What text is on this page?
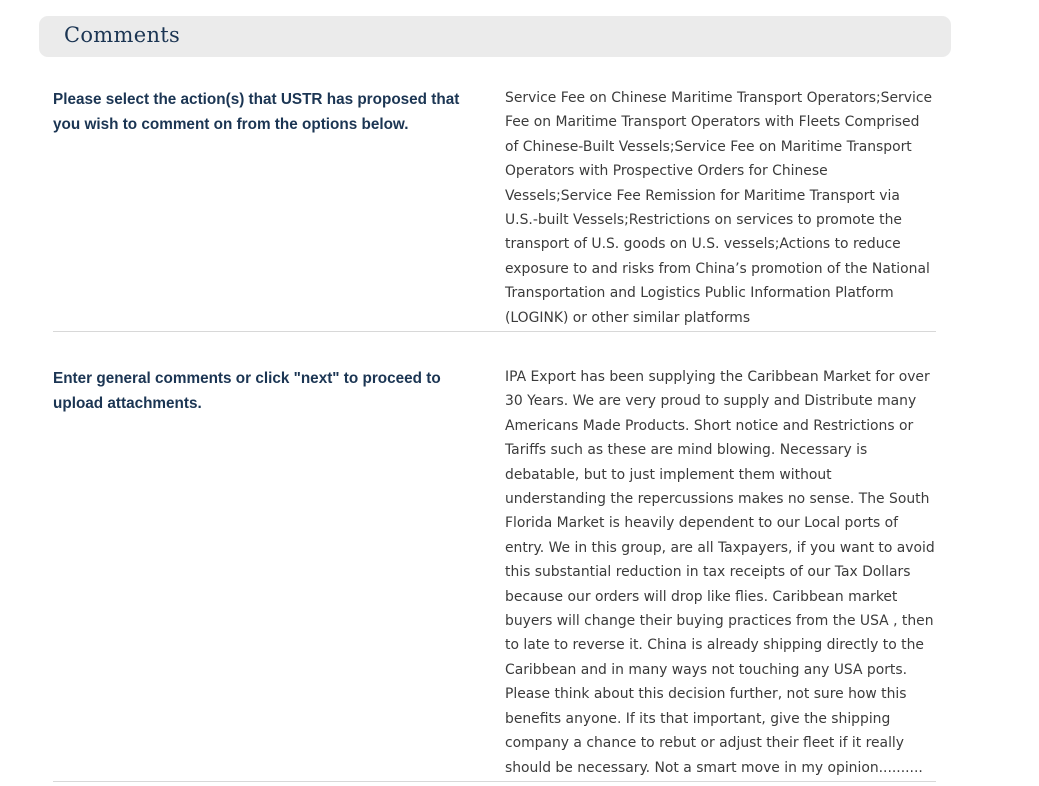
Comments
Please select the action(s) that USTR has proposed that you wish to comment on from the options below.
Service Fee on Chinese Maritime Transport Operators;Service Fee on Maritime Transport Operators with Fleets Comprised of Chinese-Built Vessels;Service Fee on Maritime Transport Operators with Prospective Orders for Chinese Vessels;Service Fee Remission for Maritime Transport via U.S.-built Vessels;Restrictions on services to promote the transport of U.S. goods on U.S. vessels;Actions to reduce exposure to and risks from China’s promotion of the National Transportation and Logistics Public Information Platform (LOGINK) or other similar platforms
Enter general comments or click "next" to proceed to upload attachments.
IPA Export has been supplying the Caribbean Market for over 30 Years. We are very proud to supply and Distribute many Americans Made Products. Short notice and Restrictions or Tariffs such as these are mind blowing. Necessary is debatable, but to just implement them without understanding the repercussions makes no sense. The South Florida Market is heavily dependent to our Local ports of entry. We in this group, are all Taxpayers, if you want to avoid this substantial reduction in tax receipts of our Tax Dollars because our orders will drop like flies. Caribbean market buyers will change their buying practices from the USA , then to late to reverse it. China is already shipping directly to the Caribbean and in many ways not touching any USA ports. Please think about this decision further, not sure how this benefits anyone. If its that important, give the shipping company a chance to rebut or adjust their fleet if it really should be necessary. Not a smart move in my opinion..........
